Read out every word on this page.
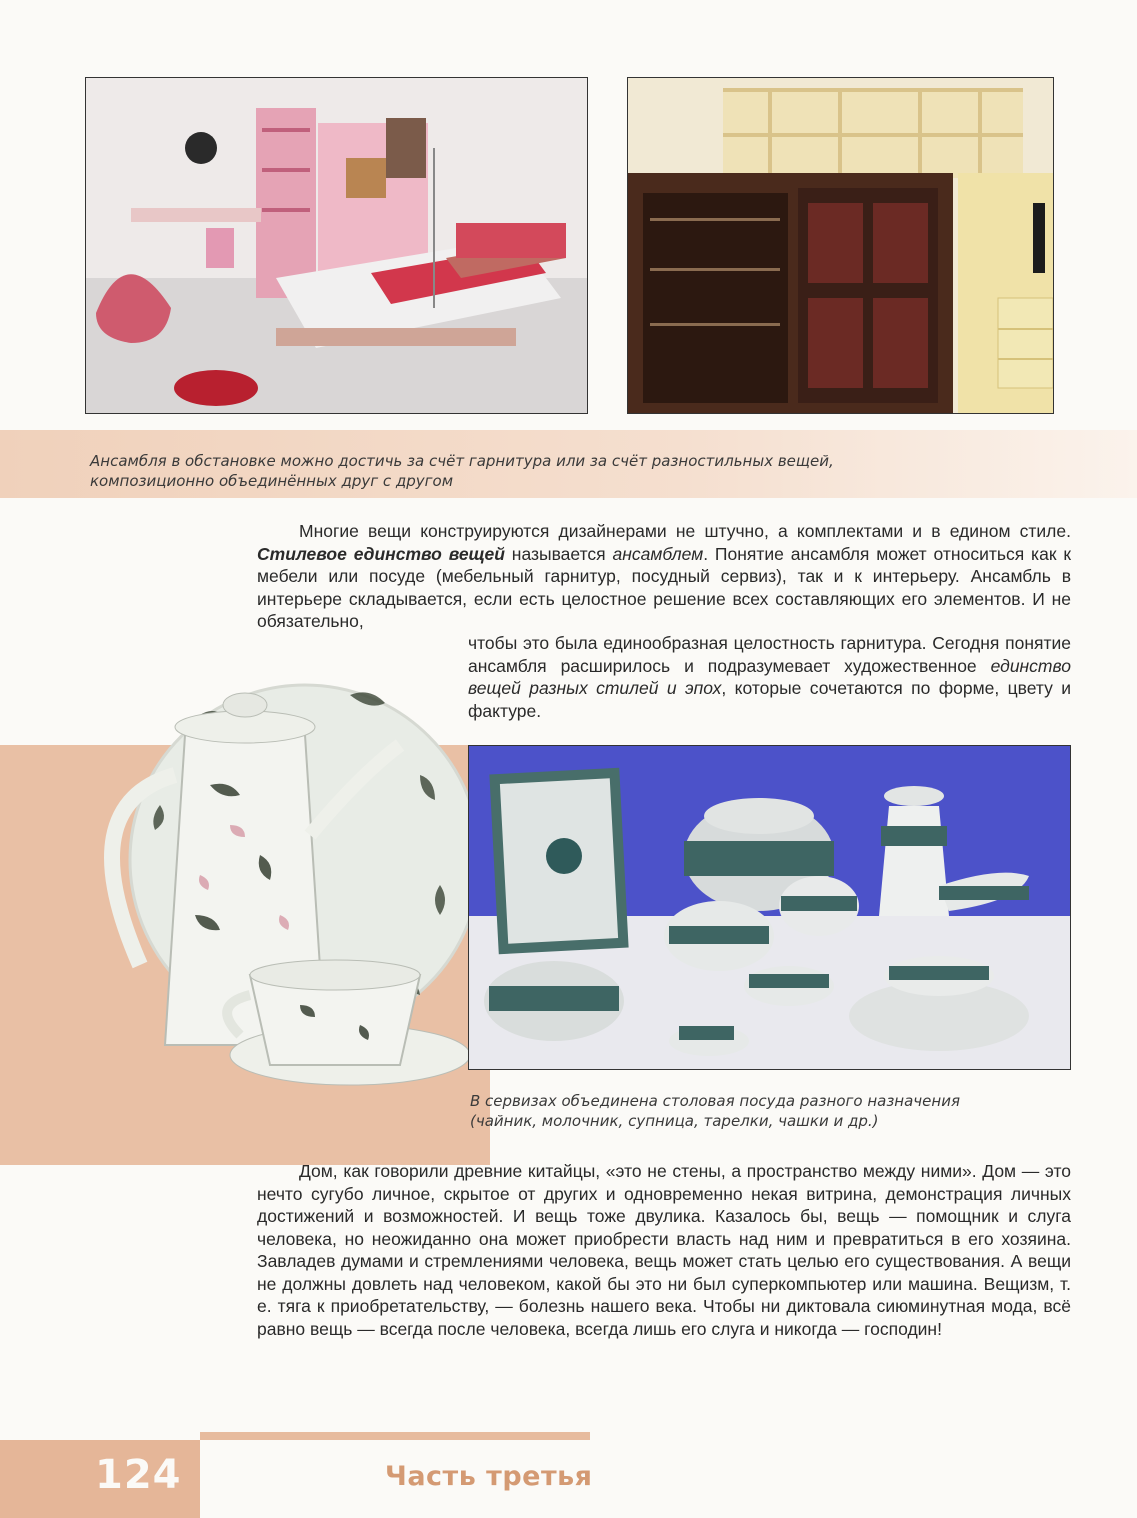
Ансамбля в обстановке можно достичь за счёт гарнитура или за счёт разностильных вещей,
композиционно объединённых друг с другом
Многие вещи конструируются дизайнерами не штучно, а комплектами и в едином стиле. Стилевое единство вещей называется ансамблем. Понятие ансамбля может относиться как к мебели или посуде (мебельный гарнитур, посудный сервиз), так и к интерьеру. Ансамбль в интерьере складывается, если есть целостное решение всех составляющих его элементов. И не обязательно,
чтобы это была единообразная целостность гарнитура. Сегодня понятие ансамбля расширилось и подразумевает художественное единство вещей разных стилей и эпох, которые сочетаются по форме, цвету и фактуре.
В сервизах объединена столовая посуда разного назначения
(чайник, молочник, супница, тарелки, чашки и др.)
Дом, как говорили древние китайцы, «это не стены, а пространство между ними». Дом — это нечто сугубо личное, скрытое от других и одновременно некая витрина, демонстрация личных достижений и возможностей. И вещь тоже двулика. Казалось бы, вещь — помощник и слуга человека, но неожиданно она может приобрести власть над ним и превратиться в его хозяина. Завладев думами и стремлениями человека, вещь может стать целью его существования. А вещи не должны довлеть над человеком, какой бы это ни был суперкомпьютер или машина. Вещизм, т. е. тяга к приобретательству, — болезнь нашего века. Чтобы ни диктовала сиюминутная мода, всё равно вещь — всегда после человека, всегда лишь его слуга и никогда — господин!
124	Часть третья
